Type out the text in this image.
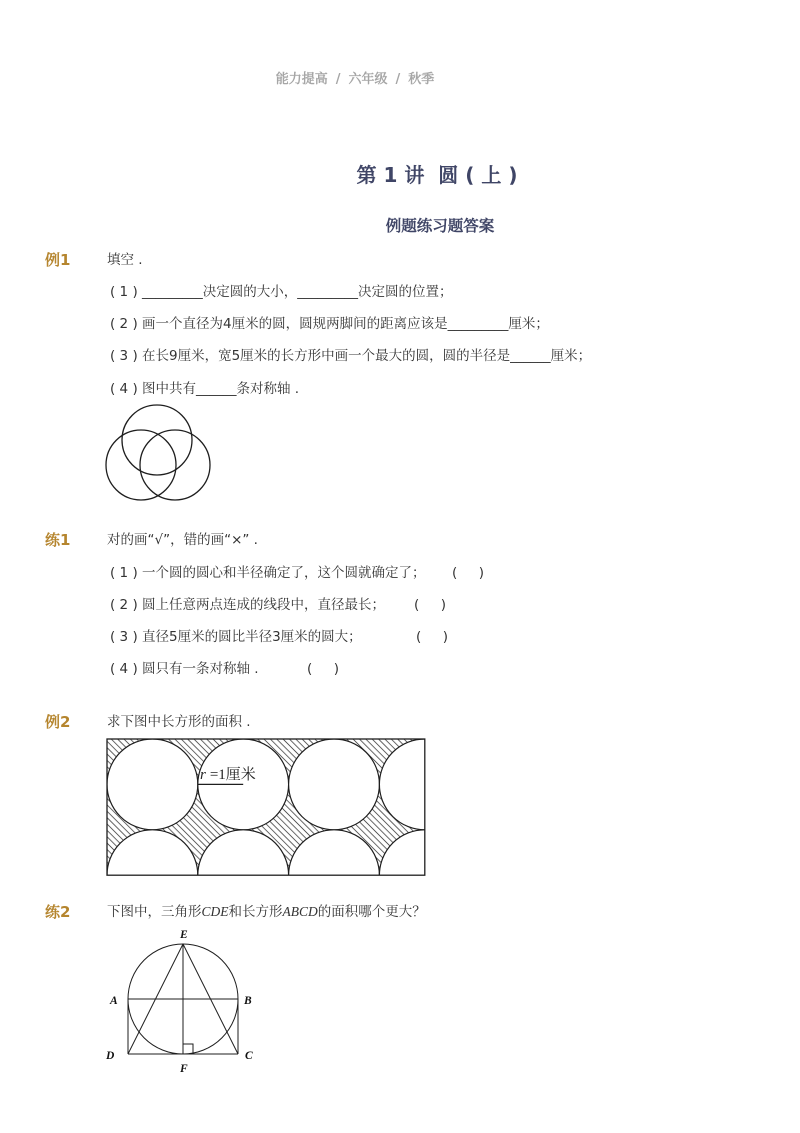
能力提高 / 六年级 / 秋季
第 1 讲  圆 ( 上 )
例题练习题答案
例1	填空 .
( 1 ) _________决定圆的大小，_________决定圆的位置；
( 2 ) 画一个直径为4厘米的圆，圆规两脚间的距离应该是_________厘米；
( 3 ) 在长9厘米，宽5厘米的长方形中画一个最大的圆，圆的半径是______厘米；
( 4 ) 图中共有______条对称轴 .
练1	对的画“√”，错的画“×” .
( 1 ) 一个圆的圆心和半径确定了，这个圆就确定了； (     )
( 2 ) 圆上任意两点连成的线段中，直径最长； (     )
( 3 ) 直径5厘米的圆比半径3厘米的圆大；	(     )
( 4 ) 圆只有一条对称轴 .	(     )
例2	求下图中长方形的面积 .
r =1厘米
练2	下图中，三角形CDE和长方形ABCD的面积哪个更大？
E
A	B
D	C
F
